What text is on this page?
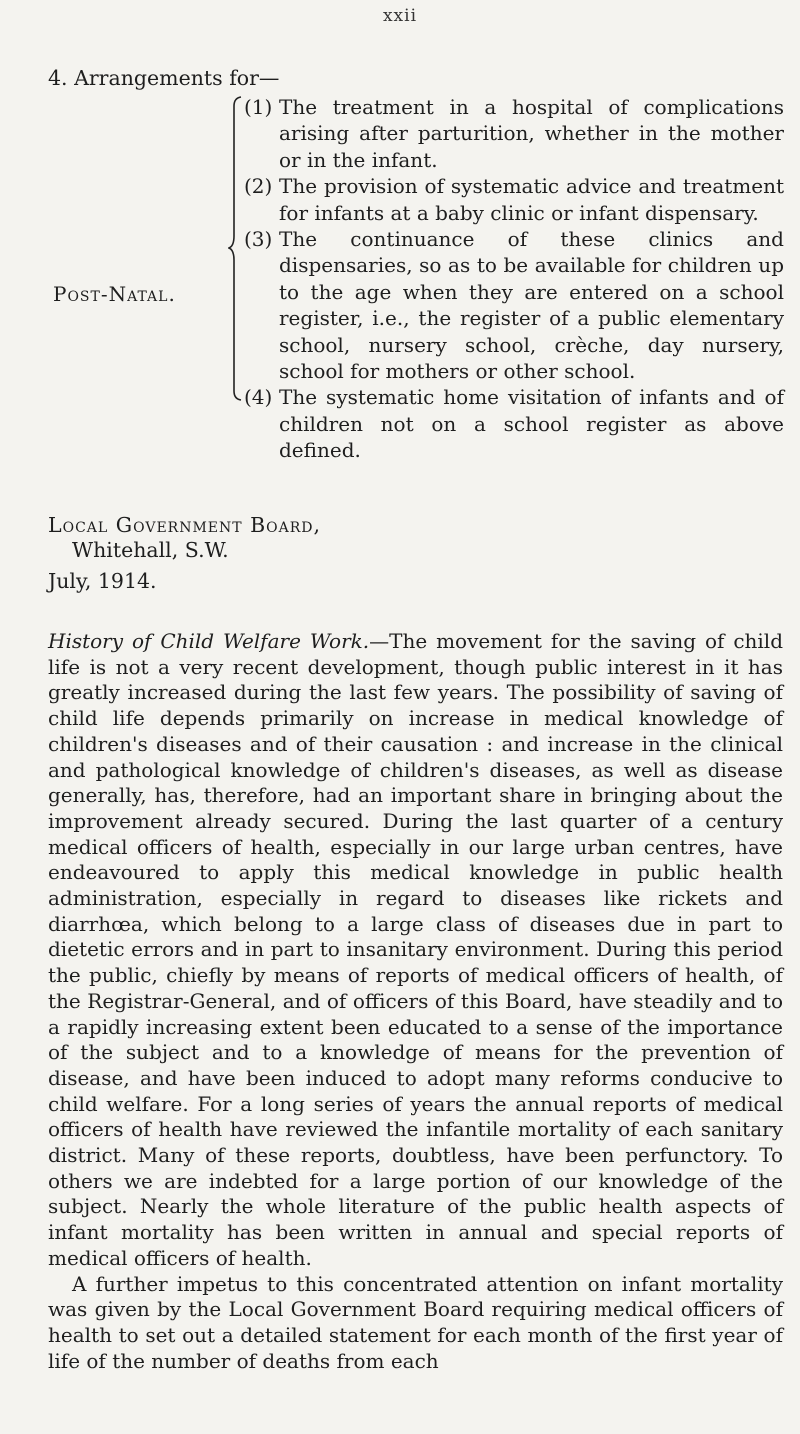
xxii
4. Arrangements for—
Post-Natal.
(1) The treatment in a hospital of complications arising after parturition, whether in the mother or in the infant.
(2) The provision of systematic advice and treatment for infants at a baby clinic or infant dispensary.
(3) The continuance of these clinics and dispensaries, so as to be available for children up to the age when they are entered on a school register, i.e., the register of a public elementary school, nursery school, crèche, day nursery, school for mothers or other school.
(4) The systematic home visitation of infants and of children not on a school register as above defined.
Local Government Board,
Whitehall, S.W.
July, 1914.

History of Child Welfare Work.—The movement for the saving of child life is not a very recent development, though public interest in it has greatly increased during the last few years. The possibility of saving of child life depends primarily on increase in medical knowledge of children's diseases and of their causation : and increase in the clinical and pathological knowledge of children's diseases, as well as disease generally, has, therefore, had an important share in bringing about the improvement already secured. During the last quarter of a century medical officers of health, especially in our large urban centres, have endeavoured to apply this medical knowledge in public health administration, especially in regard to diseases like rickets and diarrhœa, which belong to a large class of diseases due in part to dietetic errors and in part to insanitary environment. During this period the public, chiefly by means of reports of medical officers of health, of the Registrar-General, and of officers of this Board, have steadily and to a rapidly increasing extent been educated to a sense of the importance of the subject and to a knowledge of means for the prevention of disease, and have been induced to adopt many reforms conducive to child welfare. For a long series of years the annual reports of medical officers of health have reviewed the infantile mortality of each sanitary district. Many of these reports, doubtless, have been perfunctory. To others we are indebted for a large portion of our knowledge of the subject. Nearly the whole literature of the public health aspects of infant mortality has been written in annual and special reports of medical officers of health.

A further impetus to this concentrated attention on infant mortality was given by the Local Government Board requiring medical officers of health to set out a detailed statement for each month of the first year of life of the number of deaths from each
